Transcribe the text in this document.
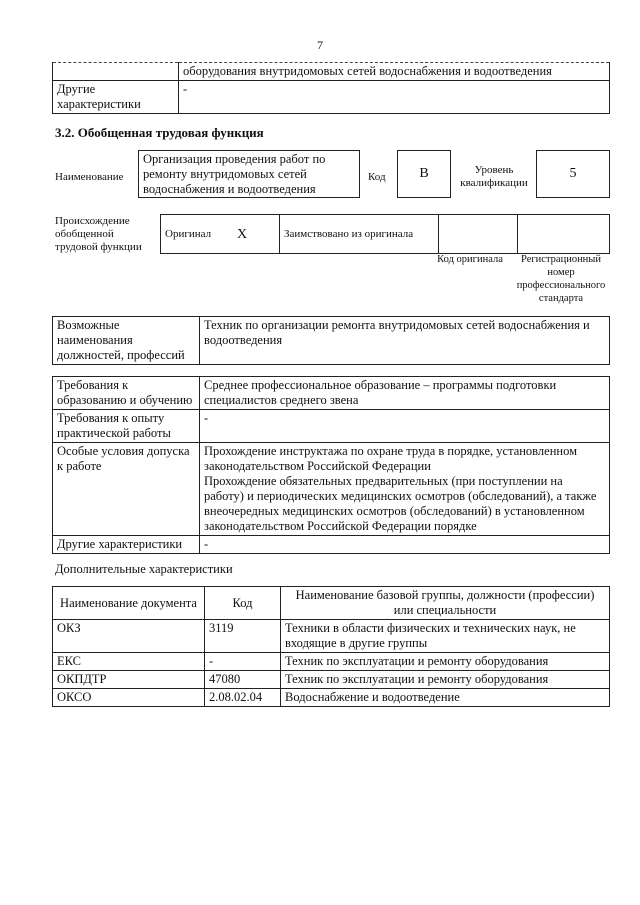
7
	оборудования внутридомовых сетей водоснабжения и водоотведения
Другие характеристики	-
3.2. Обобщенная трудовая функция
Наименование
Организация проведения работ по ремонту внутридомовых сетей водоснабжения и водоотведения
Код B	Уровень квалификации
5
Происхождение обобщенной трудовой функции
Оригинал	X	Заимствовано из оригинала		
Код оригинала	Регистрационный номер профессионального стандарта
Возможные наименования должностей, профессий	Техник по организации ремонта внутридомовых сетей водоснабжения и водоотведения
Требования к образованию и обучению	Среднее профессиональное образование – программы подготовки специалистов среднего звена
Требования к опыту практической работы	-
Особые условия допуска к работе	Прохождение инструктажа по охране труда в порядке, установленном законодательством Российской Федерации
Прохождение обязательных предварительных (при поступлении на работу) и периодических медицинских осмотров (обследований), а также внеочередных медицинских осмотров (обследований) в установленном законодательством Российской Федерации порядке

Другие характеристики	-
Дополнительные характеристики
Наименование документа	Код	Наименование базовой группы, должности (профессии) или специальности
ОКЗ	3119	Техники в области физических и технических наук, не входящие в другие группы
ЕКС	-	Техник по эксплуатации и ремонту оборудования
ОКПДТР	47080	Техник по эксплуатации и ремонту оборудования
ОКСО	2.08.02.04	Водоснабжение и водоотведение
